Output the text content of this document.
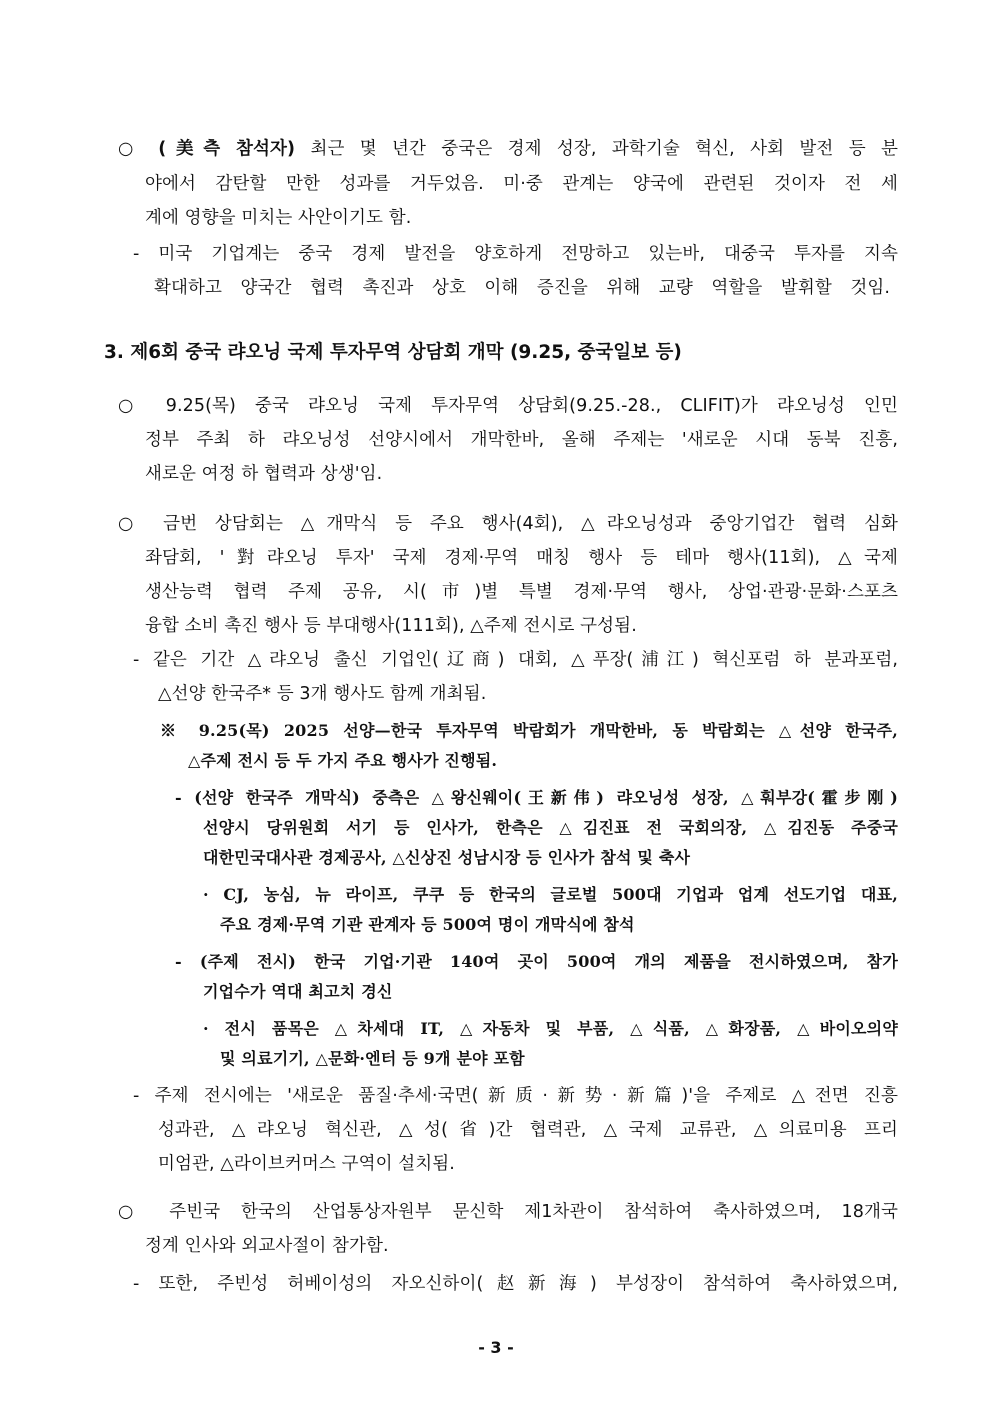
○ (美측 참석자) 최근 몇 년간 중국은 경제 성장, 과학기술 혁신, 사회 발전 등 분
야에서 감탄할 만한 성과를 거두었음. 미·중 관계는 양국에 관련된 것이자 전 세
계에 영향을 미치는 사안이기도 함.
- 미국 기업계는 중국 경제 발전을 양호하게 전망하고 있는바, 대중국 투자를 지속
확대하고 양국간 협력 촉진과 상호 이해 증진을 위해 교량 역할을 발휘할 것임.
3. 제6회 중국 랴오닝 국제 투자무역 상담회 개막 (9.25, 중국일보 등)
○ 9.25(목) 중국 랴오닝 국제 투자무역 상담회(9.25.-28., CLIFIT)가 랴오닝성 인민
정부 주최 하 랴오닝성 선양시에서 개막한바, 올해 주제는 '새로운 시대 동북 진흥,
새로운 여정 하 협력과 상생'임.
○ 금번 상담회는 △개막식 등 주요 행사(4회), △랴오닝성과 중앙기업간 협력 심화
좌담회, '對랴오닝 투자' 국제 경제·무역 매칭 행사 등 테마 행사(11회), △국제
생산능력 협력 주제 공유, 시(市)별 특별 경제·무역 행사, 상업·관광·문화·스포츠
융합 소비 촉진 행사 등 부대행사(111회), △주제 전시로 구성됨.
- 같은 기간 △랴오닝 출신 기업인(辽商) 대회, △푸장(浦江) 혁신포럼 하 분과포럼,
△선양 한국주* 등 3개 행사도 함께 개최됨.
※ 9.25(목) 2025 선양—한국 투자무역 박람회가 개막한바, 동 박람회는 △선양 한국주,
△주제 전시 등 두 가지 주요 행사가 진행됨.
- (선양 한국주 개막식) 중측은 △왕신웨이(王新伟) 랴오닝성 성장, △훠부강(霍步刚)
선양시 당위원회 서기 등 인사가, 한측은 △김진표 전 국회의장, △김진동 주중국
대한민국대사관 경제공사, △신상진 성남시장 등 인사가 참석 및 축사
· CJ, 농심, 뉴 라이프, 쿠쿠 등 한국의 글로벌 500대 기업과 업계 선도기업 대표,
주요 경제·무역 기관 관계자 등 500여 명이 개막식에 참석
- (주제 전시) 한국 기업·기관 140여 곳이 500여 개의 제품을 전시하였으며, 참가
기업수가 역대 최고치 경신
· 전시 품목은 △차세대 IT, △자동차 및 부품, △식품, △화장품, △바이오의약
및 의료기기, △문화·엔터 등 9개 분야 포함
- 주제 전시에는 '새로운 품질·추세·국면(新质·新势·新篇)'을 주제로 △전면 진흥
성과관, △랴오닝 혁신관, △성(省)간 협력관, △국제 교류관, △의료미용 프리
미엄관, △라이브커머스 구역이 설치됨.
○ 주빈국 한국의 산업통상자원부 문신학 제1차관이 참석하여 축사하였으며, 18개국
정계 인사와 외교사절이 참가함.
- 또한, 주빈성 허베이성의 자오신하이(赵新海) 부성장이 참석하여 축사하였으며,
- 3 -
